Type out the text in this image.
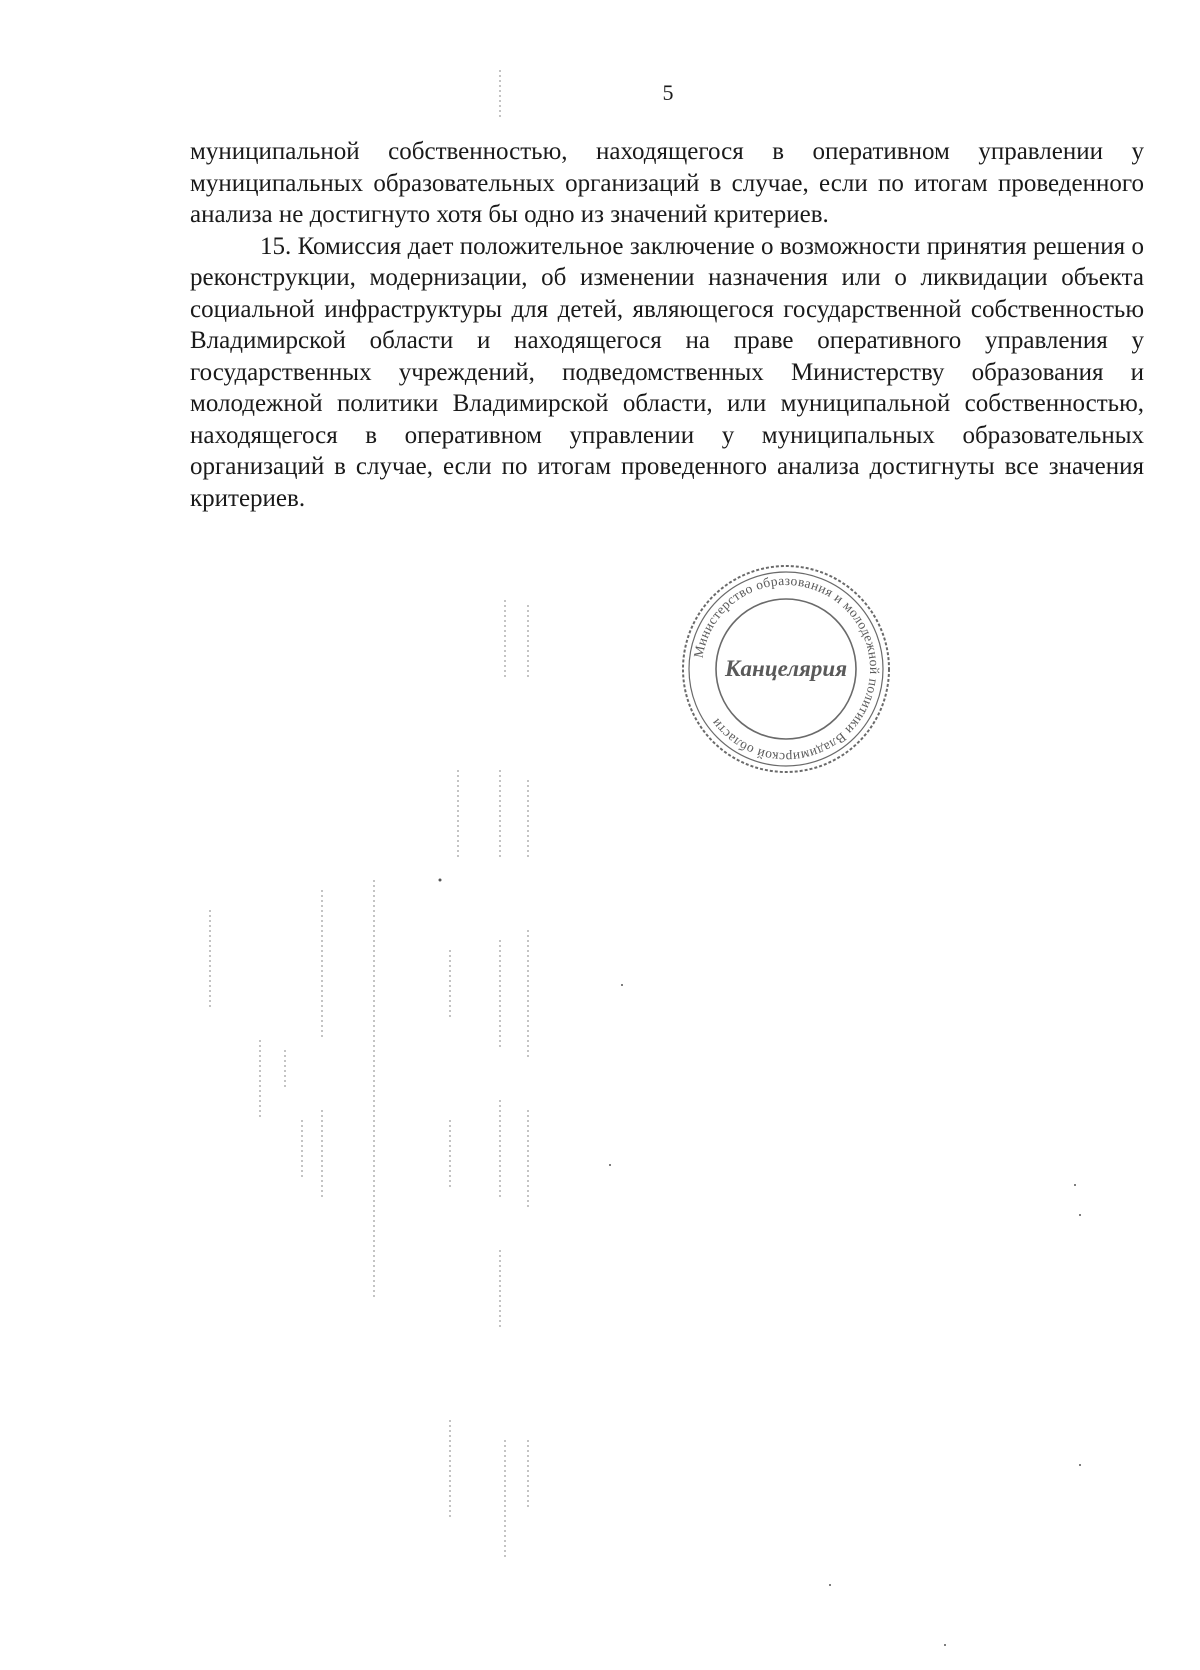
5

муниципальной собственностью, находящегося в оперативном управлении у муниципальных образовательных организаций в случае, если по итогам проведенного анализа не достигнуто хотя бы одно из значений критериев.

15. Комиссия дает положительное заключение о возможности принятия решения о реконструкции, модернизации, об изменении назначения или о ликвидации объекта социальной инфраструктуры для детей, являющегося государственной собственностью Владимирской области и находящегося на праве оперативного управления у государственных учреждений, подведомственных Министерству образования и молодежной политики Владимирской области, или муниципальной собственностью, находящегося в оперативном управлении у муниципальных образовательных организаций в случае, если по итогам проведенного анализа достигнуты все значения критериев.

Министерство образования и молодежной политики Владимирской области
Канцелярия
